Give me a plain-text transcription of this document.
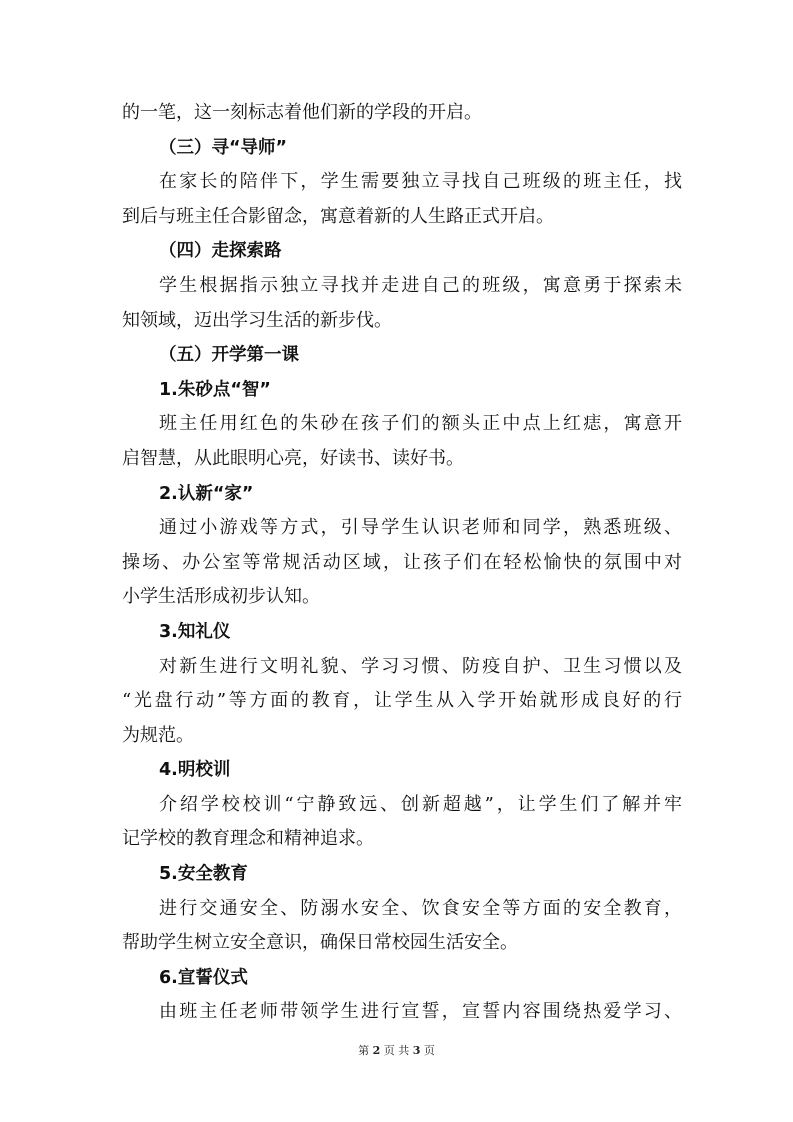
的一笔，这一刻标志着他们新的学段的开启。
（三）寻“导师”
在家长的陪伴下，学生需要独立寻找自己班级的班主任，找
到后与班主任合影留念，寓意着新的人生路正式开启。
（四）走探索路
学生根据指示独立寻找并走进自己的班级，寓意勇于探索未
知领域，迈出学习生活的新步伐。
（五）开学第一课
1.朱砂点“智”
班主任用红色的朱砂在孩子们的额头正中点上红痣，寓意开
启智慧，从此眼明心亮，好读书、读好书。
2.认新“家”
通过小游戏等方式，引导学生认识老师和同学，熟悉班级、
操场、办公室等常规活动区域，让孩子们在轻松愉快的氛围中对
小学生活形成初步认知。
3.知礼仪
对新生进行文明礼貌、学习习惯、防疫自护、卫生习惯以及
“光盘行动”等方面的教育，让学生从入学开始就形成良好的行
为规范。
4.明校训
介绍学校校训“宁静致远、创新超越”，让学生们了解并牢
记学校的教育理念和精神追求。
5.安全教育
进行交通安全、防溺水安全、饮食安全等方面的安全教育，
帮助学生树立安全意识，确保日常校园生活安全。
6.宣誓仪式
由班主任老师带领学生进行宣誓，宣誓内容围绕热爱学习、
第 2 页 共 3 页
